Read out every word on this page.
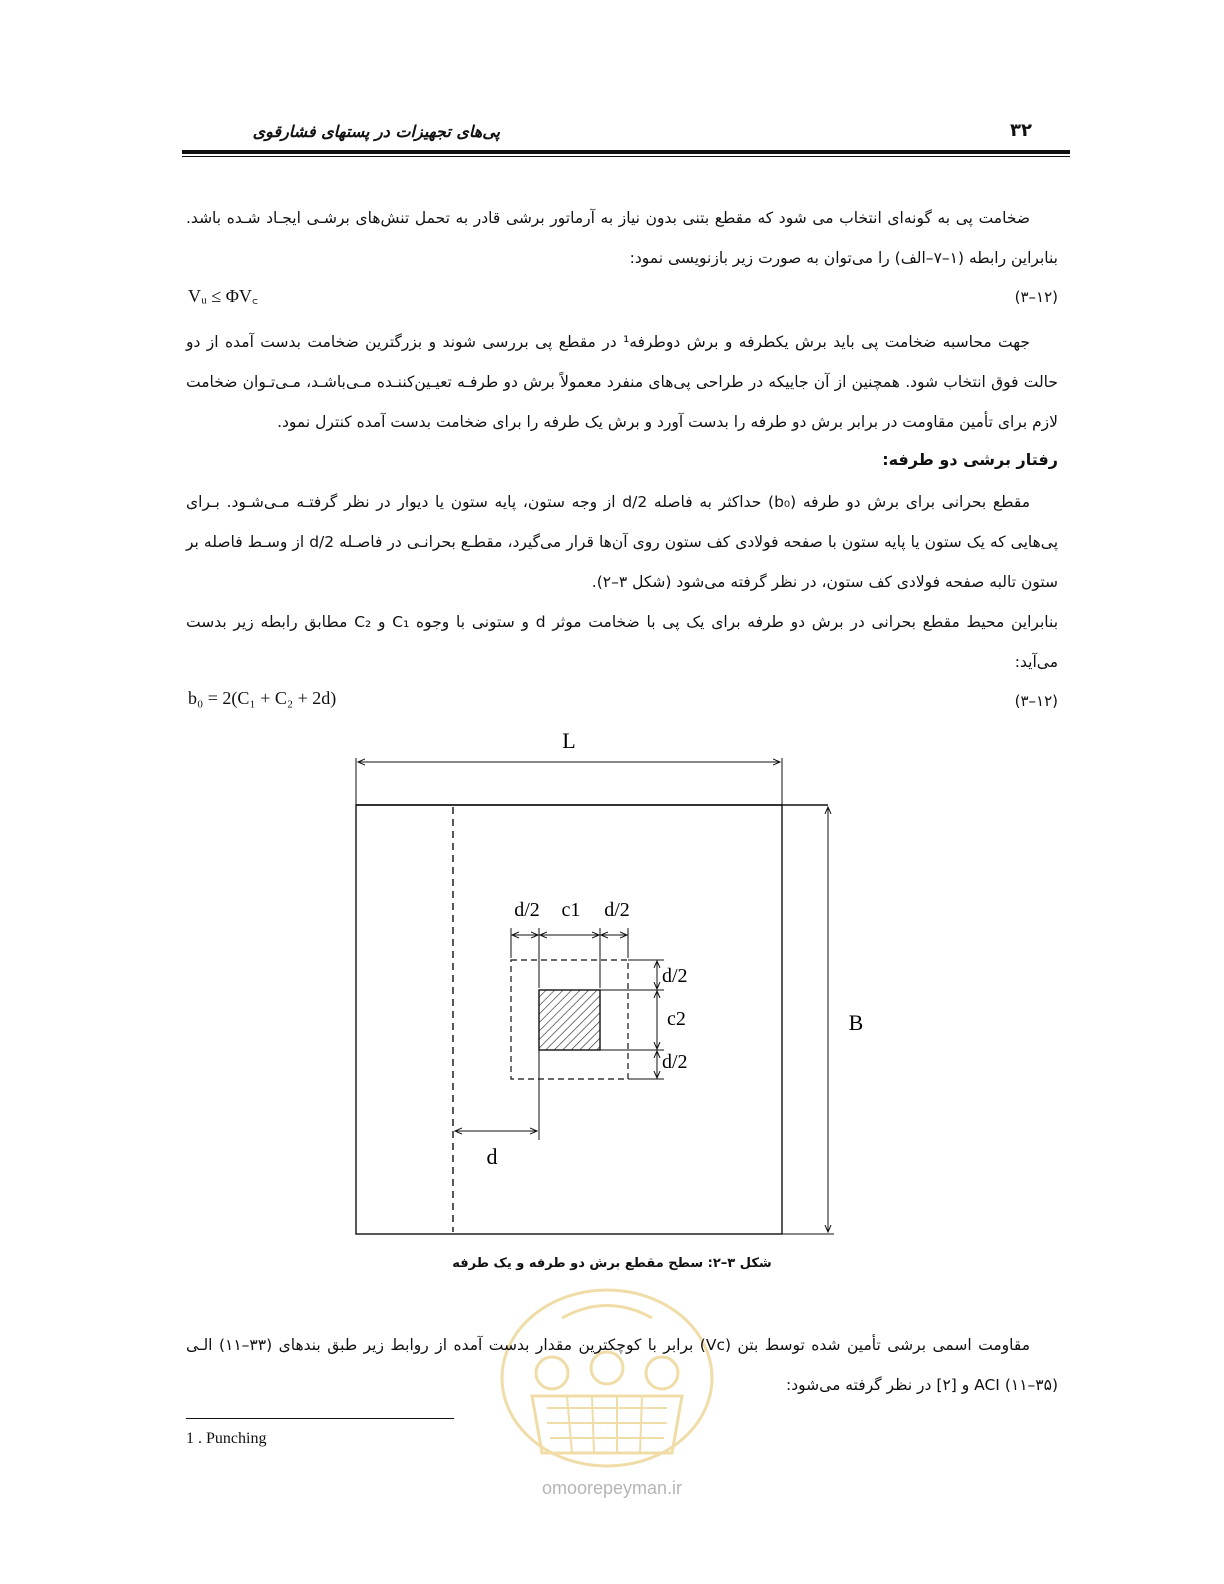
پی‌های تجهیزات در پستهای فشارقوی	۳۲
ضخامت پی به گونه‌ای انتخاب می شود که مقطع بتنی بدون نیاز به آرماتور برشی قادر به تحمل تنش‌های برشـی ایجـاد شـده باشد. بنابراین رابطه (۱–۷–الف) را می‌توان به صورت زیر بازنویسی نمود:
Vᵤ ≤ ΦV꜀	(۱۲–۳)
جهت محاسبه ضخامت پی باید برش یکطرفه و برش دوطرفه¹ در مقطع پی بررسی شوند و بزرگترین ضخامت بدست آمده از دو حالت فوق انتخاب شود. همچنین از آن جاییکه در طراحی پی‌های منفرد معمولاً برش دو طرفـه تعیـین‌کننـده مـی‌باشـد، مـی‌تـوان ضخامت لازم برای تأمین مقاومت در برابر برش دو طرفه را بدست آورد و برش یک طرفه را برای ضخامت بدست آمده کنترل نمود.
رفتار برشی دو طرفه:
مقطع بحرانی برای برش دو طرفه (b₀) حداکثر به فاصله d/2 از وجه ستون، پایه ستون یا دیوار در نظر گرفتـه مـی‌شـود. بـرای پی‌هایی که یک ستون یا پایه ستون با صفحه فولادی کف ستون روی آن‌ها قرار می‌گیرد، مقطـع بحرانـی در فاصـله d/2 از وسـط فاصله بر ستون تالبه صفحه فولادی کف ستون، در نظر گرفته می‌شود (شکل ۳–۲).
بنابراین محیط مقطع بحرانی در برش دو طرفه برای یک پی با ضخامت موثر d و ستونی با وجوه C₁ و C₂ مطابق رابطه زیر بدست می‌آید:
b₀ = 2(C₁ + C₂ + 2d)	(۱۲–۳)
L
B
d/2 c1 d/2
d/2
c2
d/2
d
شکل ۳–۲: سطح مقطع برش دو طرفه و یک طرفه
مقاومت اسمی برشی تأمین شده توسط بتن (Vc) برابر با کوچکترین مقدار بدست آمده از روابط زیر طبق بندهای (۳۳–۱۱) الـی (۳۵–۱۱) ACI و [۲] در نظر گرفته می‌شود:
1 . Punching
omoorepeyman.ir
